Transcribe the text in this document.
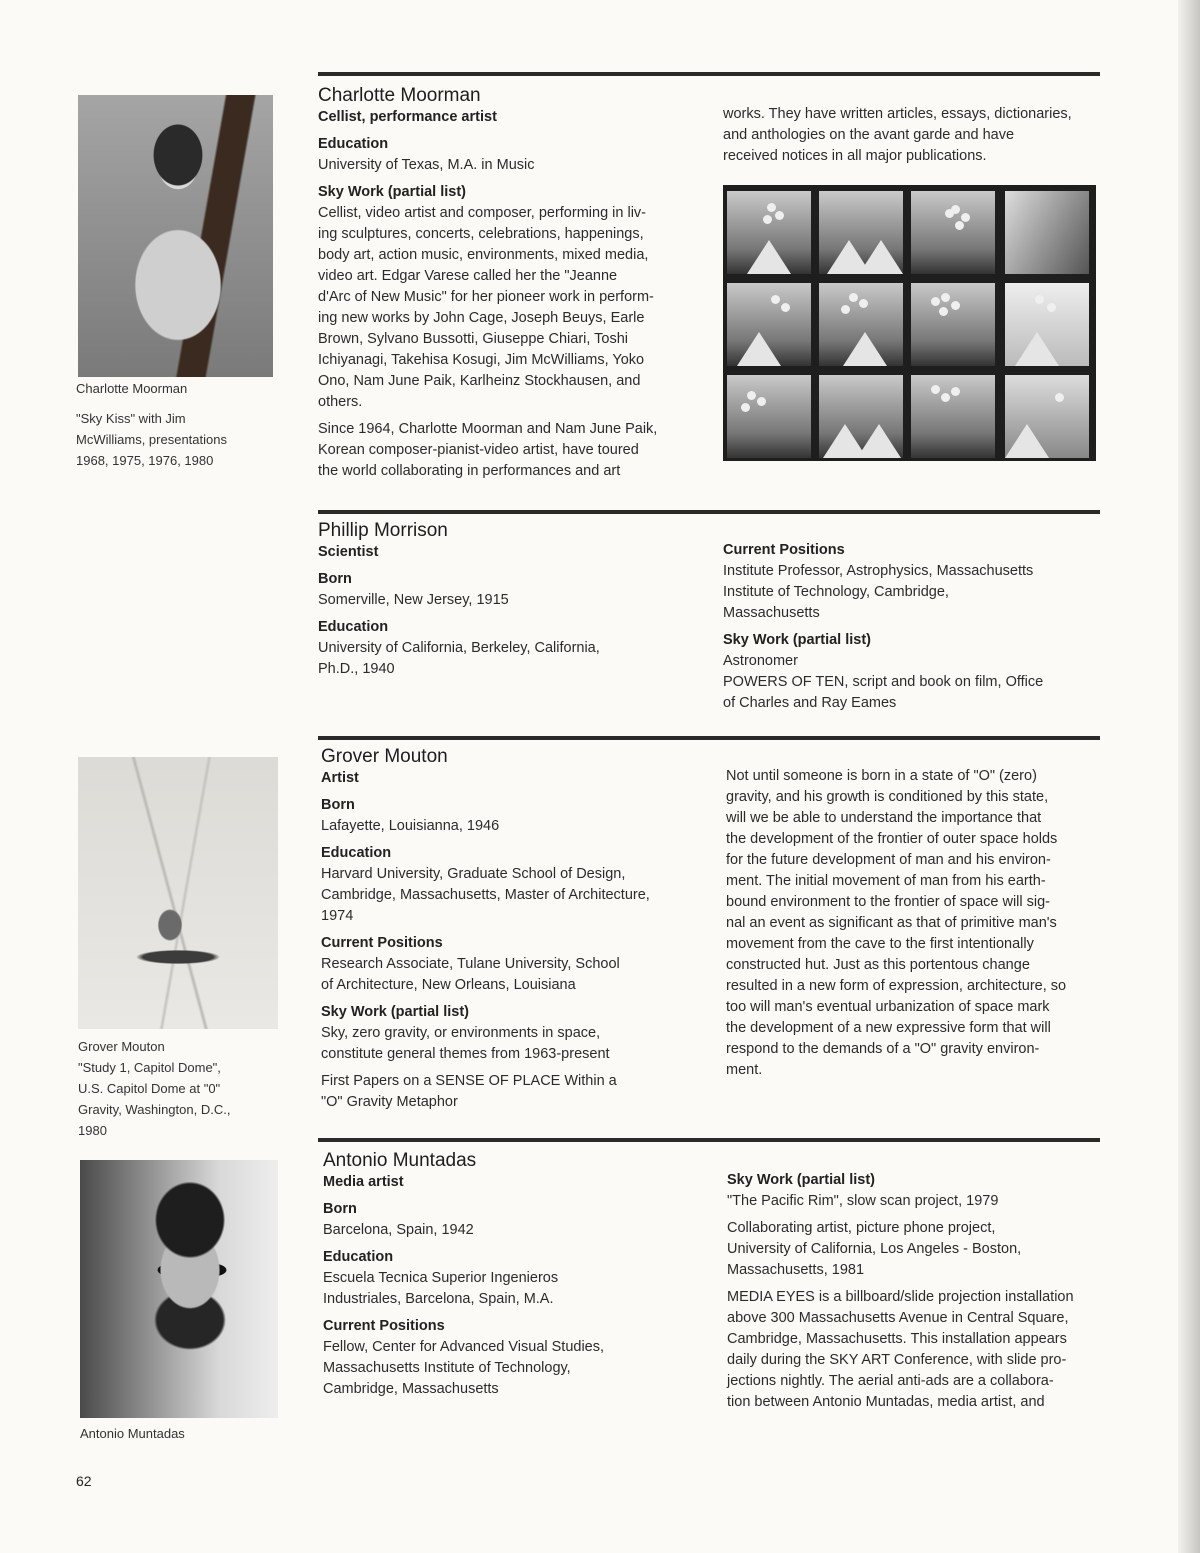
Charlotte Moorman
"Sky Kiss" with Jim
McWilliams, presentations
1968, 1975, 1976, 1980

Charlotte Moorman

Cellist, performance artist

Education

University of Texas, M.A. in Music

Sky Work (partial list)

Cellist, video artist and composer, performing in liv-
ing sculptures, concerts, celebrations, happenings,
body art, action music, environments, mixed media,
video art. Edgar Varese called her the "Jeanne
d'Arc of New Music" for her pioneer work in perform-
ing new works by John Cage, Joseph Beuys, Earle
Brown, Sylvano Bussotti, Giuseppe Chiari, Toshi
Ichiyanagi, Takehisa Kosugi, Jim McWilliams, Yoko
Ono, Nam June Paik, Karlheinz Stockhausen, and
others.
Since 1964, Charlotte Moorman and Nam June Paik,
Korean composer-pianist-video artist, have toured
the world collaborating in performances and art
works. They have written articles, essays, dictionaries,
and anthologies on the avant garde and have
received notices in all major publications.

Phillip Morrison

Scientist

Born

Somerville, New Jersey, 1915

Education

University of California, Berkeley, California,
Ph.D., 1940

Current Positions

Institute Professor, Astrophysics, Massachusetts
Institute of Technology, Cambridge,
Massachusetts

Sky Work (partial list)

Astronomer
POWERS OF TEN, script and book on film, Office
of Charles and Ray Eames
Grover Mouton
"Study 1, Capitol Dome",
U.S. Capitol Dome at "0"
Gravity, Washington, D.C.,
1980

Grover Mouton

Artist

Born

Lafayette, Louisianna, 1946

Education

Harvard University, Graduate School of Design,
Cambridge, Massachusetts, Master of Architecture,
1974

Current Positions

Research Associate, Tulane University, School
of Architecture, New Orleans, Louisiana

Sky Work (partial list)

Sky, zero gravity, or environments in space,
constitute general themes from 1963-present
First Papers on a SENSE OF PLACE Within a
"O" Gravity Metaphor
Not until someone is born in a state of "O" (zero)
gravity, and his growth is conditioned by this state,
will we be able to understand the importance that
the development of the frontier of outer space holds
for the future development of man and his environ-
ment. The initial movement of man from his earth-
bound environment to the frontier of space will sig-
nal an event as significant as that of primitive man's
movement from the cave to the first intentionally
constructed hut. Just as this portentous change
resulted in a new form of expression, architecture, so
too will man's eventual urbanization of space mark
the development of a new expressive form that will
respond to the demands of a "O" gravity environ-
ment.
Antonio Muntadas

Antonio Muntadas

Media artist

Born

Barcelona, Spain, 1942

Education

Escuela Tecnica Superior Ingenieros
Industriales, Barcelona, Spain, M.A.

Current Positions

Fellow, Center for Advanced Visual Studies,
Massachusetts Institute of Technology,
Cambridge, Massachusetts

Sky Work (partial list)

"The Pacific Rim", slow scan project, 1979
Collaborating artist, picture phone project,
University of California, Los Angeles - Boston,
Massachusetts, 1981
MEDIA EYES is a billboard/slide projection installation
above 300 Massachusetts Avenue in Central Square,
Cambridge, Massachusetts. This installation appears
daily during the SKY ART Conference, with slide pro-
jections nightly. The aerial anti-ads are a collabora-
tion between Antonio Muntadas, media artist, and
62
